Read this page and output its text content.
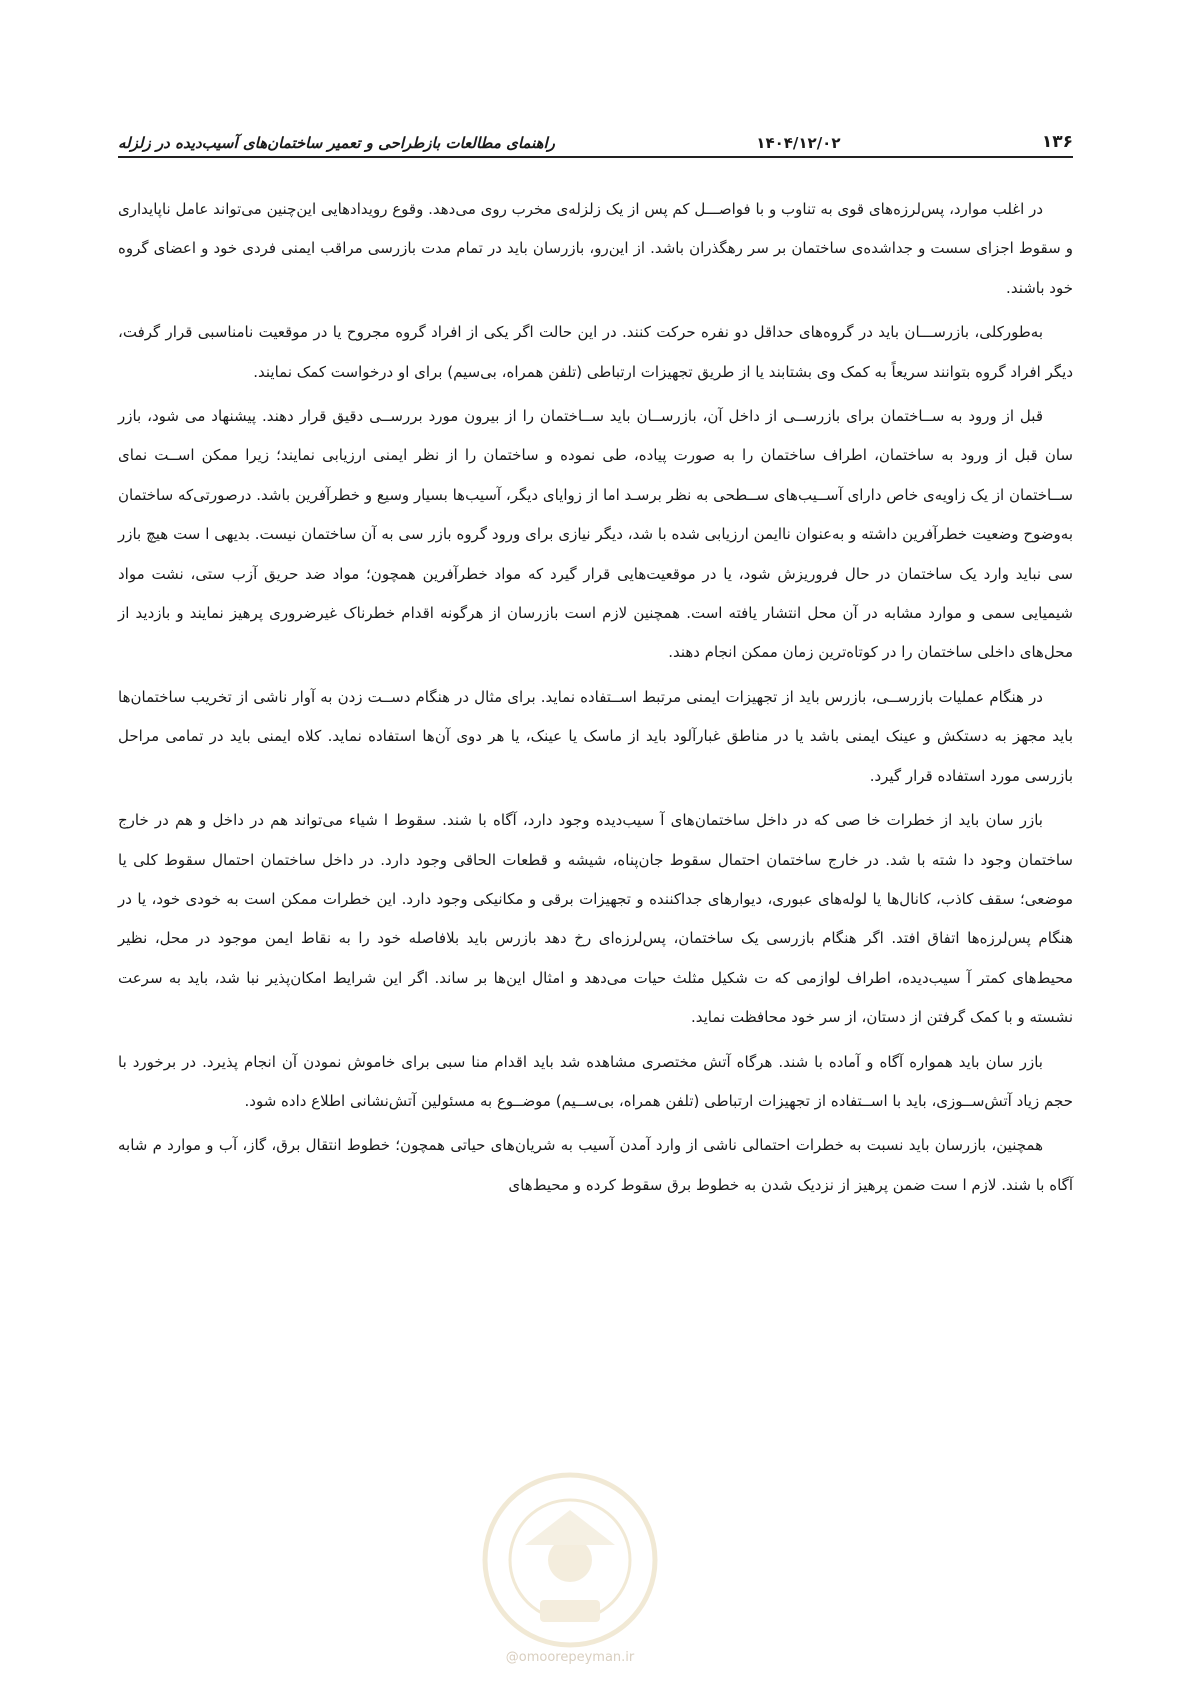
۱۳۶
۱۴۰۴/۱۲/۰۲
راهنمای مطالعات بازطراحی و تعمیر ساختمان‌های آسیب‌دیده در زلزله

در اغلب موارد، پس‌لرزه‌های قوی به تناوب و با فواصـــل کم پس از یک زلزله‌ی مخرب روی می‌دهد. وقوع رویدادهایی این‌چنین می‌تواند عامل ناپایداری و سقوط اجزای سست و جداشده‌ی ساختمان بر سر رهگذران باشد. از این‌رو، بازرسان باید در تمام مدت بازرسی مراقب ایمنی فردی خود و اعضای گروه خود باشند.

به‌طورکلی، بازرســـان باید در گروه‌های حداقل دو نفره حرکت کنند. در این حالت اگر یکی از افراد گروه مجروح یا در موقعیت نامناسبی قرار گرفت، دیگر افراد گروه بتوانند سریعاً به کمک وی بشتابند یا از طریق تجهیزات ارتباطی (تلفن همراه، بی‌سیم) برای او درخواست کمک نمایند.

قبل از ورود به ســاختمان برای بازرســی از داخل آن، بازرســان باید ســاختمان را از بیرون مورد بررســی دقیق قرار دهند. پیشنهاد می شود، بازر سان قبل از ورود به ساختمان، اطراف ساختمان را به صورت پیاده، طی نموده و ساختمان را از نظر ایمنی ارزیابی نمایند؛ زیرا ممکن اســت نمای ســاختمان از یک زاویه‌ی خاص دارای آســیب‌های ســطحی به نظر برسـد اما از زوایای دیگر، آسیب‌ها بسیار وسیع و خطرآفرین باشد. درصورتی‌که ساختمان به‌وضوح وضعیت خطرآفرین داشته و به‌عنوان ناایمن ارزیابی شده با شد، دیگر نیازی برای ورود گروه بازر سی به آن ساختمان نیست. بدیهی ا ست هیچ بازر سی نباید وارد یک ساختمان در حال فروریزش شود، یا در موقعیت‌هایی قرار گیرد که مواد خطرآفرین همچون؛ مواد ضد حریق آزب ستی، نشت مواد شیمیایی سمی و موارد مشابه در آن محل انتشار یافته است. همچنین لازم است بازرسان از هرگونه اقدام خطرناک غیرضروری پرهیز نمایند و بازدید از محل‌های داخلی ساختمان را در کوتاه‌ترین زمان ممکن انجام دهند.

در هنگام عملیات بازرســی، بازرس باید از تجهیزات ایمنی مرتبط اســتفاده نماید. برای مثال در هنگام دســت زدن به آوار ناشی از تخریب ساختمان‌ها باید مجهز به دستکش و عینک ایمنی باشد یا در مناطق غبارآلود باید از ماسک یا عینک، یا هر دوی آن‌ها استفاده نماید. کلاه ایمنی باید در تمامی مراحل بازرسی مورد استفاده قرار گیرد.

بازر سان باید از خطرات خا صی که در داخل ساختمان‌های آ سیب‌دیده وجود دارد، آگاه با شند. سقوط ا شیاء می‌تواند هم در داخل و هم در خارج ساختمان وجود دا شته با شد. در خارج ساختمان احتمال سقوط جان‌پناه، شیشه و قطعات الحاقی وجود دارد. در داخل ساختمان احتمال سقوط کلی یا موضعی؛ سقف کاذب، کانال‌ها یا لوله‌های عبوری، دیوارهای جداکننده و تجهیزات برقی و مکانیکی وجود دارد. این خطرات ممکن است به خودی خود، یا در هنگام پس‌لرزه‌ها اتفاق افتد. اگر هنگام بازرسی یک ساختمان، پس‌لرزه‌ای رخ دهد بازرس باید بلافاصله خود را به نقاط ایمن موجود در محل، نظیر محیط‌های کمتر آ سیب‌دیده، اطراف لوازمی که ت شکیل مثلث حیات می‌دهد و امثال این‌ها بر ساند. اگر این شرایط امکان‌پذیر نبا شد، باید به سرعت نشسته و با کمک گرفتن از دستان، از سر خود محافظت نماید.

بازر سان باید همواره آگاه و آماده با شند. هرگاه آتش مختصری مشاهده شد باید اقدام منا سبی برای خاموش نمودن آن انجام پذیرد. در برخورد با حجم زیاد آتش‌ســوزی، باید با اســتفاده از تجهیزات ارتباطی (تلفن همراه، بی‌ســیم) موضــوع به مسئولین آتش‌نشانی اطلاع داده شود.

همچنین، بازرسان باید نسبت به خطرات احتمالی ناشی از وارد آمدن آسیب به شریان‌های حیاتی همچون؛ خطوط انتقال برق، گاز، آب و موارد م شابه آگاه با شند. لازم ا ست ضمن پرهیز از نزدیک شدن به خطوط برق سقوط کرده و محیط‌های

@omoorepeyman.ir
